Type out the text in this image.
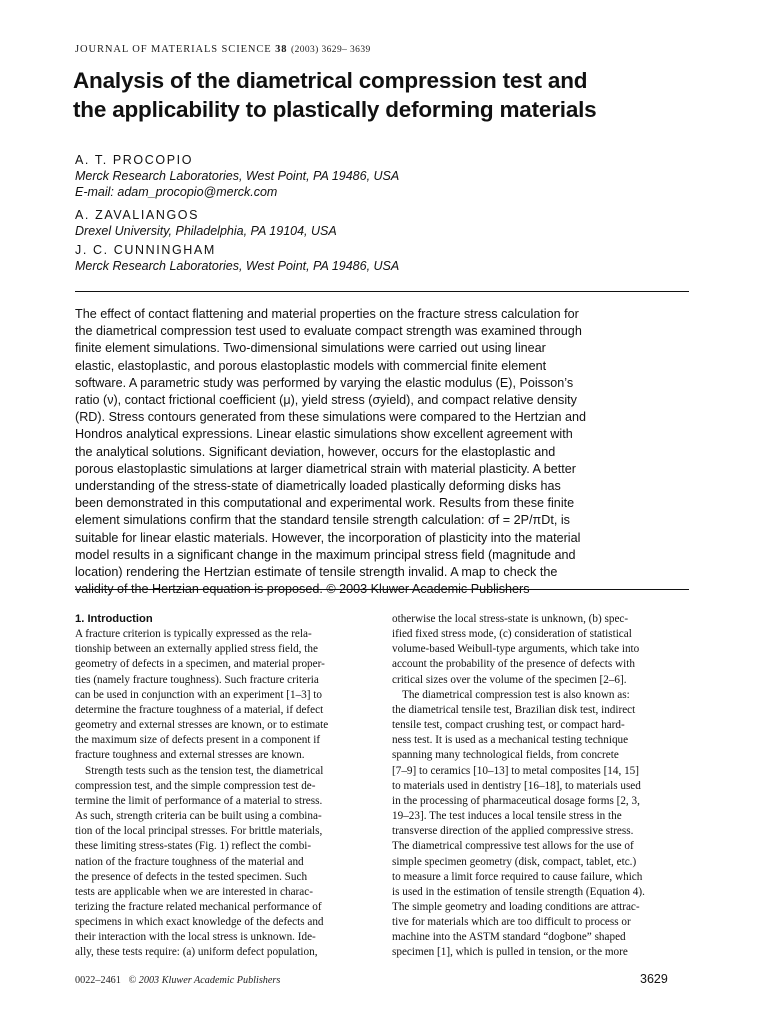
JOURNAL OF MATERIALS SCIENCE 38 (2003) 3629– 3639
Analysis of the diametrical compression test and
the applicability to plastically deforming materials
A. T. PROCOPIO
Merck Research Laboratories, West Point, PA 19486, USA
E-mail: adam_procopio@merck.com
A. ZAVALIANGOS
Drexel University, Philadelphia, PA 19104, USA
J. C. CUNNINGHAM
Merck Research Laboratories, West Point, PA 19486, USA
The effect of contact flattening and material properties on the fracture stress calculation for
the diametrical compression test used to evaluate compact strength was examined through
finite element simulations. Two-dimensional simulations were carried out using linear
elastic, elastoplastic, and porous elastoplastic models with commercial finite element
software. A parametric study was performed by varying the elastic modulus (E), Poisson’s
ratio (ν), contact frictional coefficient (μ), yield stress (σyield), and compact relative density
(RD). Stress contours generated from these simulations were compared to the Hertzian and
Hondros analytical expressions. Linear elastic simulations show excellent agreement with
the analytical solutions. Significant deviation, however, occurs for the elastoplastic and
porous elastoplastic simulations at larger diametrical strain with material plasticity. A better
understanding of the stress-state of diametrically loaded plastically deforming disks has
been demonstrated in this computational and experimental work. Results from these finite
element simulations confirm that the standard tensile strength calculation: σf = 2P/πDt, is
suitable for linear elastic materials. However, the incorporation of plasticity into the material
model results in a significant change in the maximum principal stress field (magnitude and
location) rendering the Hertzian estimate of tensile strength invalid. A map to check the
validity of the Hertzian equation is proposed. © 2003 Kluwer Academic Publishers
1. Introduction
A fracture criterion is typically expressed as the rela-
tionship between an externally applied stress field, the
geometry of defects in a specimen, and material proper-
ties (namely fracture toughness). Such fracture criteria
can be used in conjunction with an experiment [1–3] to
determine the fracture toughness of a material, if defect
geometry and external stresses are known, or to estimate
the maximum size of defects present in a component if
fracture toughness and external stresses are known.
Strength tests such as the tension test, the diametrical
compression test, and the simple compression test de-
termine the limit of performance of a material to stress.
As such, strength criteria can be built using a combina-
tion of the local principal stresses. For brittle materials,
these limiting stress-states (Fig. 1) reflect the combi-
nation of the fracture toughness of the material and
the presence of defects in the tested specimen. Such
tests are applicable when we are interested in charac-
terizing the fracture related mechanical performance of
specimens in which exact knowledge of the defects and
their interaction with the local stress is unknown. Ide-
ally, these tests require: (a) uniform defect population,
otherwise the local stress-state is unknown, (b) spec-
ified fixed stress mode, (c) consideration of statistical
volume-based Weibull-type arguments, which take into
account the probability of the presence of defects with
critical sizes over the volume of the specimen [2–6].
The diametrical compression test is also known as:
the diametrical tensile test, Brazilian disk test, indirect
tensile test, compact crushing test, or compact hard-
ness test. It is used as a mechanical testing technique
spanning many technological fields, from concrete
[7–9] to ceramics [10–13] to metal composites [14, 15]
to materials used in dentistry [16–18], to materials used
in the processing of pharmaceutical dosage forms [2, 3,
19–23]. The test induces a local tensile stress in the
transverse direction of the applied compressive stress.
The diametrical compressive test allows for the use of
simple specimen geometry (disk, compact, tablet, etc.)
to measure a limit force required to cause failure, which
is used in the estimation of tensile strength (Equation 4).
The simple geometry and loading conditions are attrac-
tive for materials which are too difficult to process or
machine into the ASTM standard “dogbone” shaped
specimen [1], which is pulled in tension, or the more
0022–2461 © 2003 Kluwer Academic Publishers	3629
